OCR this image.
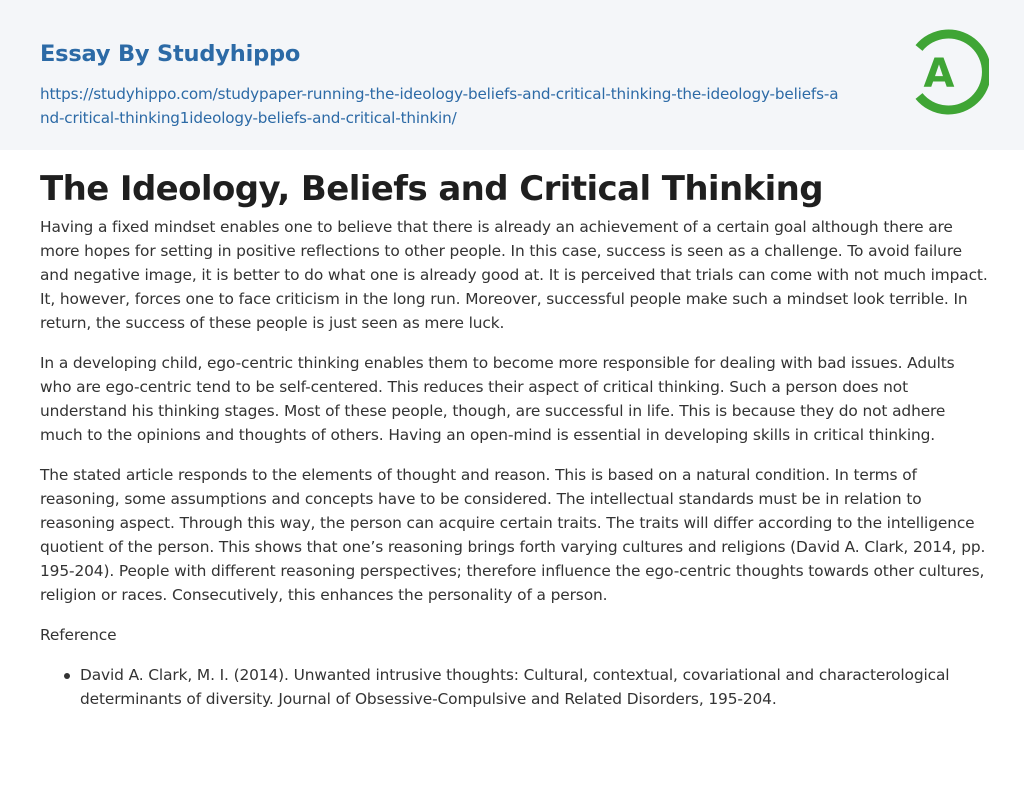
Essay By Studyhippo
https://studyhippo.com/studypaper-running-the-ideology-beliefs-and-critical-thinking-the-ideology-beliefs-and-critical-thinking1ideology-beliefs-and-critical-thinkin/
A
The Ideology, Beliefs and Critical Thinking

Having a fixed mindset enables one to believe that there is already an achievement of a certain goal although there are more hopes for setting in positive reflections to other people. In this case, success is seen as a challenge. To avoid failure and negative image, it is better to do what one is already good at. It is perceived that trials can come with not much impact. It, however, forces one to face criticism in the long run. Moreover, successful people make such a mindset look terrible. In return, the success of these people is just seen as mere luck.

In a developing child, ego-centric thinking enables them to become more responsible for dealing with bad issues. Adults who are ego-centric tend to be self-centered. This reduces their aspect of critical thinking. Such a person does not understand his thinking stages. Most of these people, though, are successful in life. This is because they do not adhere much to the opinions and thoughts of others. Having an open-mind is essential in developing skills in critical thinking.

The stated article responds to the elements of thought and reason. This is based on a natural condition. In terms of reasoning, some assumptions and concepts have to be considered. The intellectual standards must be in relation to reasoning aspect. Through this way, the person can acquire certain traits. The traits will differ according to the intelligence quotient of the person. This shows that one’s reasoning brings forth varying cultures and religions (David A. Clark, 2014, pp. 195-204). People with different reasoning perspectives; therefore influence the ego-centric thoughts towards other cultures, religion or races. Consecutively, this enhances the personality of a person.

Reference
David A. Clark, M. I. (2014). Unwanted intrusive thoughts: Cultural, contextual, covariational and characterological determinants of diversity. Journal of Obsessive-Compulsive and Related Disorders, 195-204.
